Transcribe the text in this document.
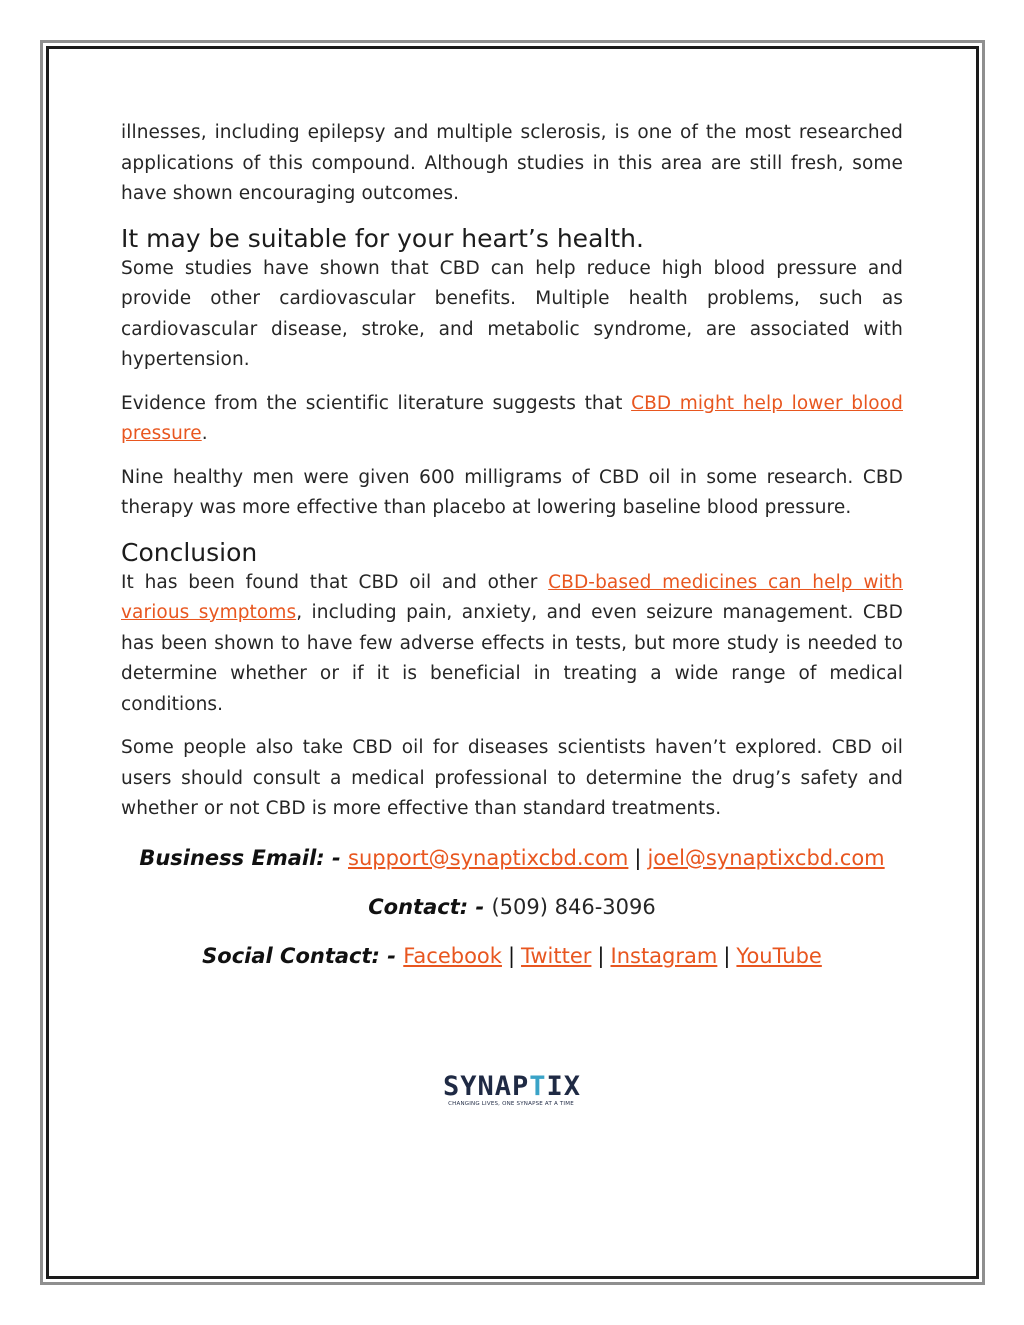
illnesses, including epilepsy and multiple sclerosis, is one of the most researched applications of this compound. Although studies in this area are still fresh, some have shown encouraging outcomes.

It may be suitable for your heart’s health.

Some studies have shown that CBD can help reduce high blood pressure and provide other cardiovascular benefits. Multiple health problems, such as cardiovascular disease, stroke, and metabolic syndrome, are associated with hypertension.

Evidence from the scientific literature suggests that CBD might help lower blood pressure.

Nine healthy men were given 600 milligrams of CBD oil in some research. CBD therapy was more effective than placebo at lowering baseline blood pressure.

Conclusion

It has been found that CBD oil and other CBD-based medicines can help with various symptoms, including pain, anxiety, and even seizure management. CBD has been shown to have few adverse effects in tests, but more study is needed to determine whether or if it is beneficial in treating a wide range of medical conditions.

Some people also take CBD oil for diseases scientists haven’t explored. CBD oil users should consult a medical professional to determine the drug’s safety and whether or not CBD is more effective than standard treatments.

Business Email: - support@synaptixcbd.com | joel@synaptixcbd.com

Contact: - (509) 846-3096

Social Contact: - Facebook | Twitter | Instagram | YouTube

SYNAPTIX
CHANGING LIVES, ONE SYNAPSE AT A TIME
